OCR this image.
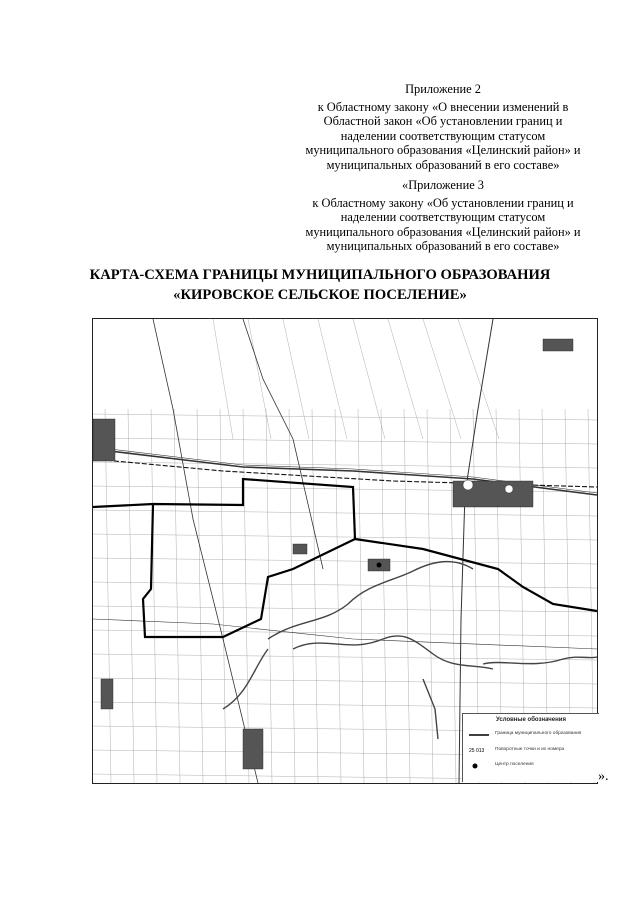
Приложение 2
к Областному закону «О внесении изменений в
Областной закон «Об установлении границ и
наделении соответствующим статусом
муниципального образования «Целинский район» и
муниципальных образований в его составе»
«Приложение 3
к Областному закону «Об установлении границ и
наделении соответствующим статусом
муниципального образования «Целинский район» и
муниципальных образований в его составе»
КАРТА-СХЕМА ГРАНИЦЫ МУНИЦИПАЛЬНОГО ОБРАЗОВАНИЯ
«КИРОВСКОЕ СЕЛЬСКОЕ ПОСЕЛЕНИЕ»
Условные обозначения
Граница муниципального образования
25 013	Поворотные точки и их номера
Центр поселения
».
